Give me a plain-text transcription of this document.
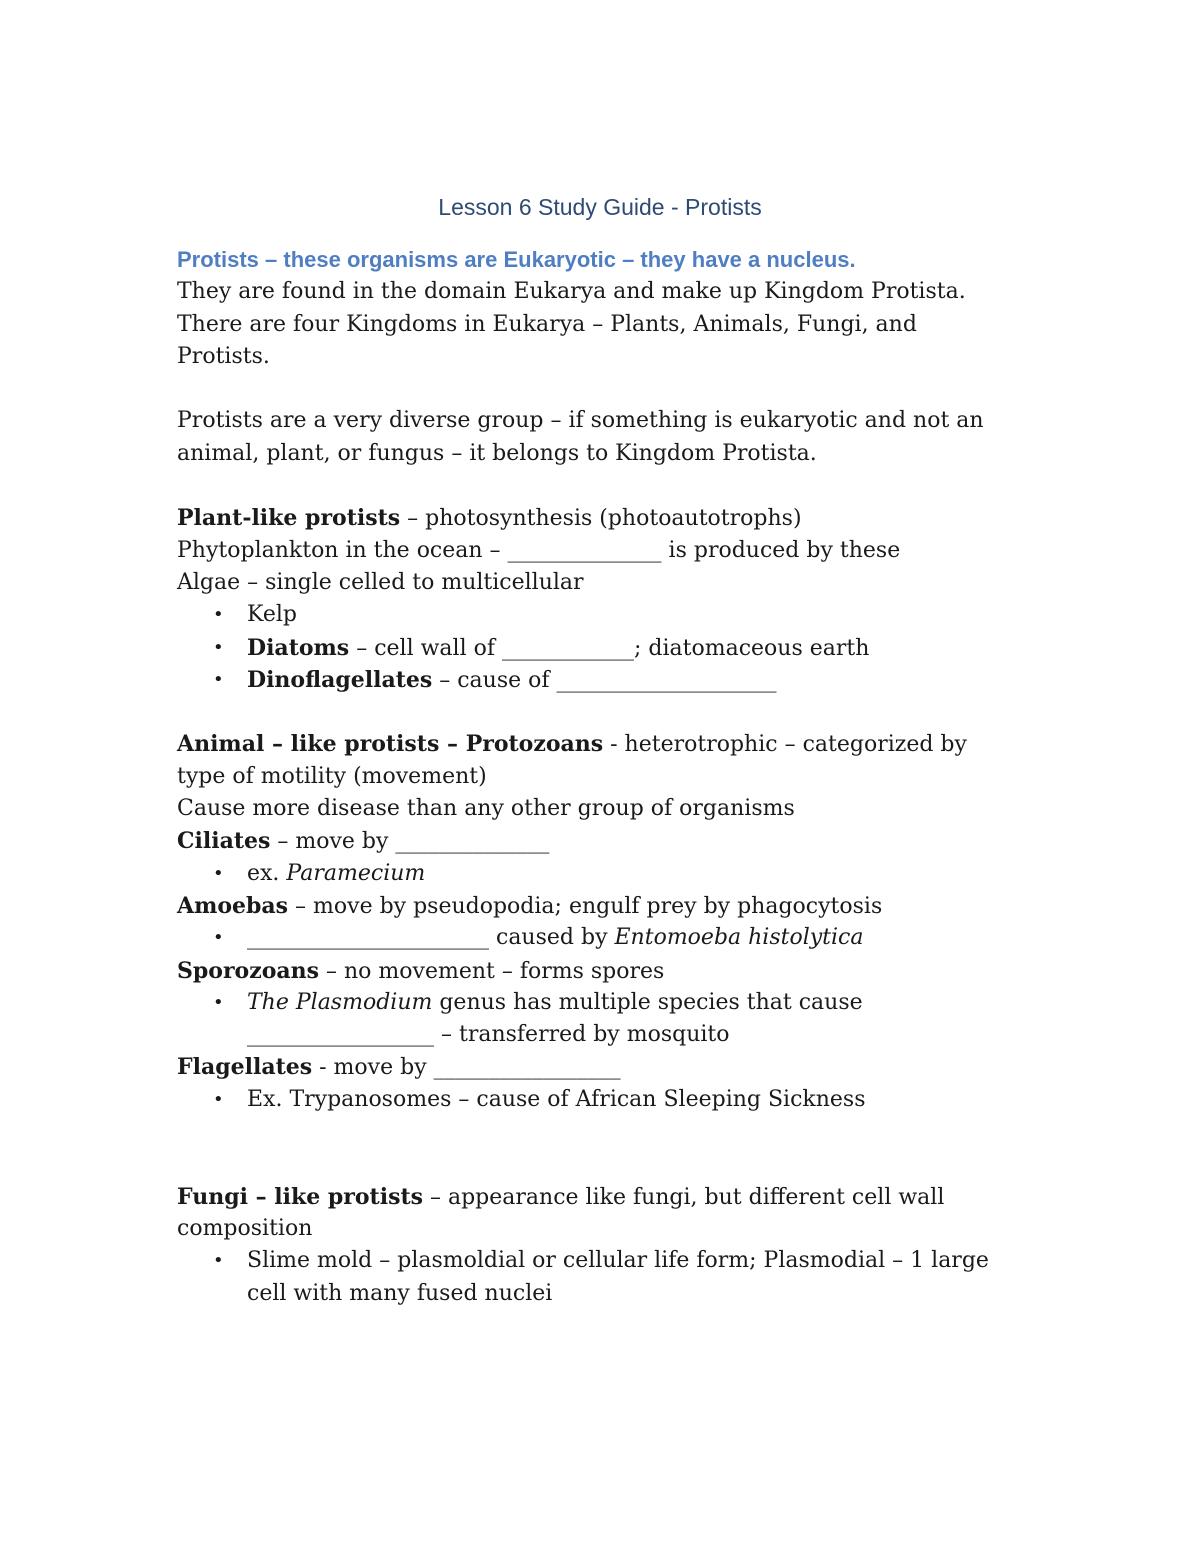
Lesson 6 Study Guide - Protists
Protists – these organisms are Eukaryotic – they have a nucleus.
They are found in the domain Eukarya and make up Kingdom Protista.
There are four Kingdoms in Eukarya – Plants, Animals, Fungi, and
Protists.
Protists are a very diverse group – if something is eukaryotic and not an
animal, plant, or fungus – it belongs to Kingdom Protista.
Plant-like protists – photosynthesis (photoautotrophs)
Phytoplankton in the ocean – ______________ is produced by these
Algae – single celled to multicellular
• Kelp
• Diatoms – cell wall of ____________; diatomaceous earth
• Dinoflagellates – cause of ____________________
Animal – like protists – Protozoans - heterotrophic – categorized by
type of motility (movement)
Cause more disease than any other group of organisms
Ciliates – move by ______________
• ex. Paramecium
Amoebas – move by pseudopodia; engulf prey by phagocytosis
• ______________________ caused by Entomoeba histolytica
Sporozoans – no movement – forms spores
• The Plasmodium genus has multiple species that cause
_________________ – transferred by mosquito
Flagellates - move by _________________
• Ex. Trypanosomes – cause of African Sleeping Sickness
Fungi – like protists – appearance like fungi, but different cell wall
composition
• Slime mold – plasmoldial or cellular life form; Plasmodial – 1 large
cell with many fused nuclei
